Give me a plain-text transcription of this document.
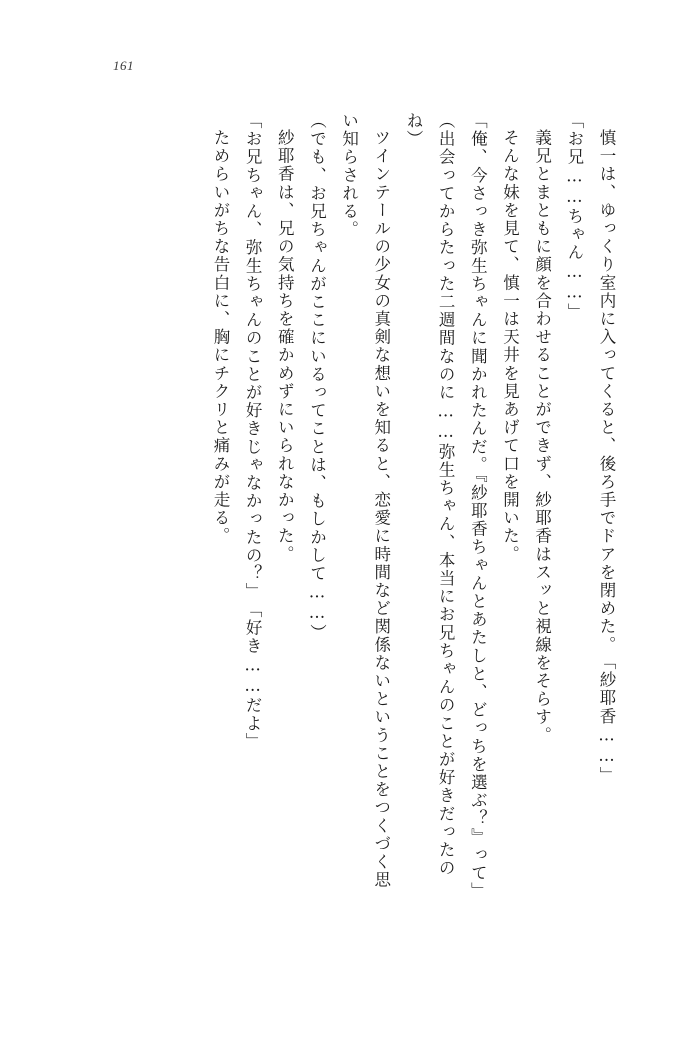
161

慎一は、ゆっくり室内に入ってくると、後ろ手でドアを閉めた。

「紗耶香……」

「お兄……ちゃん……」

義兄とまともに顔を合わせることができず、紗耶香はスッと視線をそらす。

そんな妹を見て、慎一は天井を見あげて口を開いた。

「俺、今さっき弥生ちゃんに聞かれたんだ。『紗耶香ちゃんとあたしと、どっちを選ぶ？』って」

（出会ってからたった二週間なのに……弥生ちゃん、本当にお兄ちゃんのことが好きだったのね）

ツインテールの少女の真剣な想いを知ると、恋愛に時間など関係ないということをつくづく思い知らされる。

（でも、お兄ちゃんがここにいるってことは、もしかして……）

紗耶香は、兄の気持ちを確かめずにいられなかった。

「お兄ちゃん、弥生ちゃんのことが好きじゃなかったの？」

「好き……だよ」

ためらいがちな告白に、胸にチクリと痛みが走る。
